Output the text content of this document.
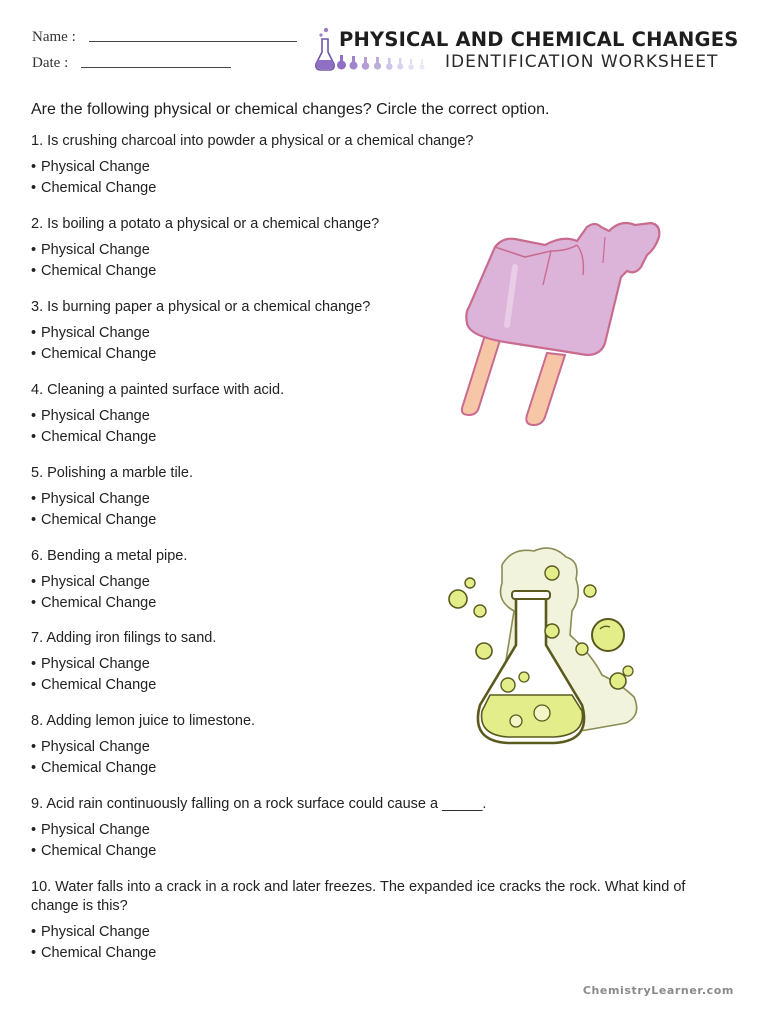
Name :
Date :
PHYSICAL AND CHEMICAL CHANGES
IDENTIFICATION WORKSHEET
Are the following physical or chemical changes? Circle the correct option.
1. Is crushing charcoal into powder a physical or a chemical change?
• Physical Change
• Chemical Change
2. Is boiling a potato a physical or a chemical change?
• Physical Change
• Chemical Change
3. Is burning paper a physical or a chemical change?
• Physical Change
• Chemical Change
4. Cleaning a painted surface with acid.
• Physical Change
• Chemical Change
5. Polishing a marble tile.
• Physical Change
• Chemical Change
6. Bending a metal pipe.
• Physical Change
• Chemical Change
7. Adding iron filings to sand.
• Physical Change
• Chemical Change
8. Adding lemon juice to limestone.
• Physical Change
• Chemical Change
9. Acid rain continuously falling on a rock surface could cause a _____.
• Physical Change
• Chemical Change
10. Water falls into a crack in a rock and later freezes. The expanded ice cracks the rock. What kind of change is this?
• Physical Change
• Chemical Change
ChemistryLearner.com
